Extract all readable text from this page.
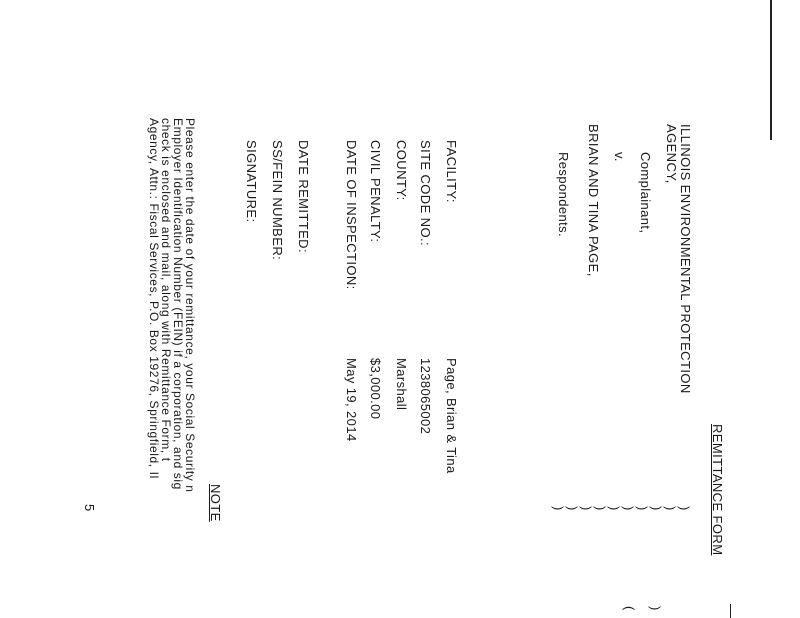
REMITTANCE FORM
ILLINOIS ENVIRONMENTAL PROTECTION
AGENCY,
Complainant,
v.
BRIAN AND TINA PAGE,
Respondents.
)
)
)
)
)
)
)
)
)
)
)
(
FACILITY:
Page, Brian & Tina
SITE CODE NO.:
1238065002
COUNTY:
Marshall
CIVIL PENALTY:
$3,000.00
DATE OF INSPECTION:
May 19, 2014
DATE REMITTED:
SS/FEIN NUMBER:
SIGNATURE:
NOTE
Please enter the date of your remittance, your Social Security n
Employer Identification Number (FEIN) if a corporation, and sig
check is enclosed and mail, along with Remittance Form, t
Agency, Attn.: Fiscal Services, P.O. Box 19276, Springfield, Il
5
